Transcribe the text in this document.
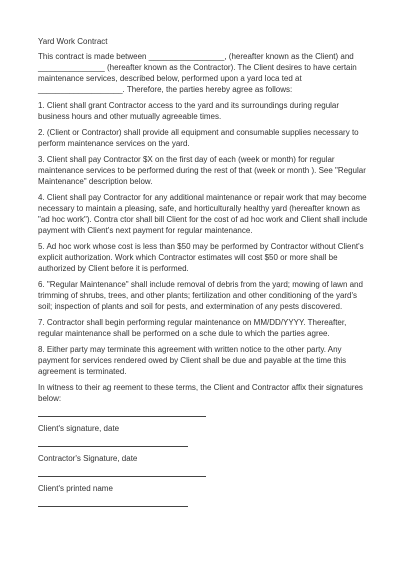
Yard Work Contract

This contract is made between _________________, (hereafter known as the Client) and _______________ (hereafter known as the Contractor). The Client desires to have certain maintenance services, described below, performed upon a yard loca ted at ___________________. Therefore, the parties hereby agree as follows:

1. Client shall grant Contractor access to the yard and its surroundings during regular business hours and other mutually agreeable times.

2. (Client or Contractor) shall provide all equipment and consumable supplies necessary to perform maintenance services on the yard.

3. Client shall pay Contractor $X on the first day of each (week or month) for regular maintenance services to be performed during the rest of that (week or month ). See "Regular Maintenance" description below.

4. Client shall pay Contractor for any additional maintenance or repair work that may become necessary to maintain a pleasing, safe, and horticulturally healthy yard (hereafter known as "ad hoc work"). Contra ctor shall bill Client for the cost of ad hoc work and Client shall include payment with Client's next payment for regular maintenance.

5. Ad hoc work whose cost is less than $50 may be performed by Contractor without Client's explicit authorization. Work which Contractor estimates will cost $50 or more shall be authorized by Client before it is performed.

6. "Regular Maintenance" shall include removal of debris from the yard; mowing of lawn and trimming of shrubs, trees, and other plants; fertilization and other conditioning of the yard's soil; inspection of plants and soil for pests, and extermination of any pests discovered.

7. Contractor shall begin performing regular maintenance on MM/DD/YYYY. Thereafter, regular maintenance shall be performed on a sche dule to which the parties agree.

8. Either party may terminate this agreement with written notice to the other party. Any payment for services rendered owed by Client shall be due and payable at the time this agreement is terminated.

In witness to their ag reement to these terms, the Client and Contractor affix their signatures below:

Client's signature, date
Contractor's Signature, date
Client's printed name
